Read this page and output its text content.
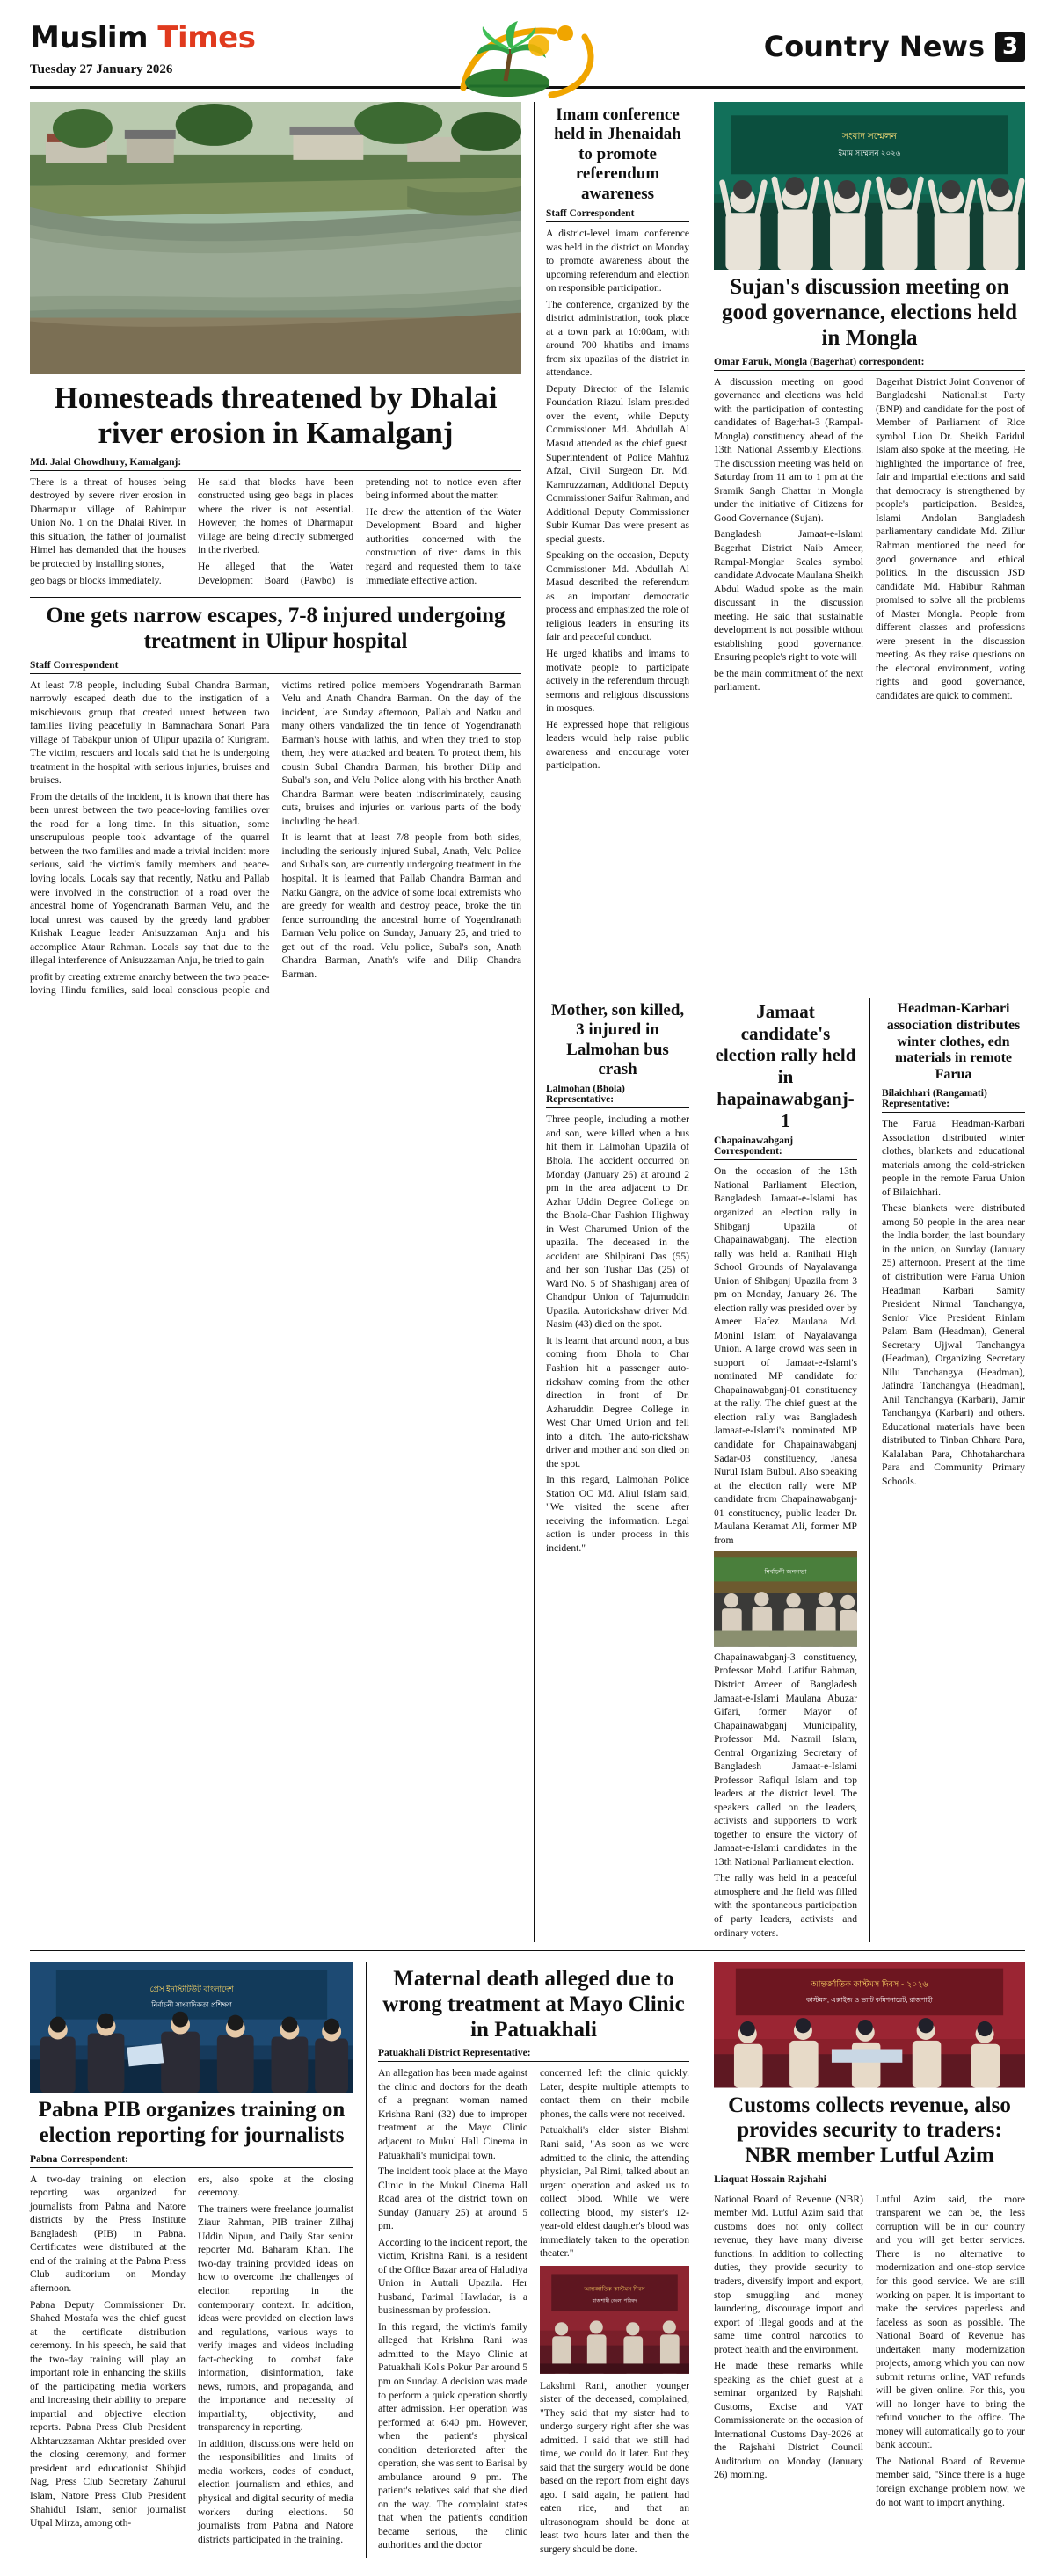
Muslim Times
Tuesday 27 January 2026
Country News 3
Homesteads threatened by Dhalai river erosion in Kamalganj
Md. Jalal Chowdhury, Kamalganj:

There is a threat of houses being destroyed by severe river erosion in Dharmapur village of Rahimpur Union No. 1 on the Dhalai River. In this situation, the father of journalist Himel has demanded that the houses be protected by installing stones,

geo bags or blocks immediately.

He said that blocks have been constructed using geo bags in places where the river is not essential. However, the homes of Dharmapur village are being directly submerged in the riverbed.

He alleged that the Water Development Board (Pawbo) is pretending not to notice even after being informed about the matter.

He drew the attention of the Water Development Board and higher authorities concerned with the construction of river dams in this regard and requested them to take immediate effective action.

One gets narrow escapes, 7-8 injured undergoing treatment in Ulipur hospital
Staff Correspondent

At least 7/8 people, including Subal Chandra Barman, narrowly escaped death due to the instigation of a mischievous group that created unrest between two families living peacefully in Bamnachara Sonari Para village of Tabakpur union of Ulipur upazila of Kurigram. The victim, rescuers and locals said that he is undergoing treatment in the hospital with serious injuries, bruises and bruises.

From the details of the incident, it is known that there has been unrest between the two peace-loving families over the road for a long time. In this situation, some unscrupulous people took advantage of the quarrel between the two families and made a trivial incident more serious, said the victim's family members and peace-loving locals. Locals say that recently, Natku and Pallab were involved in the construction of a road over the ancestral home of Yogendranath Barman Velu, and the local unrest was caused by the greedy land grabber Krishak League leader Anisuzzaman Anju and his accomplice Ataur Rahman. Locals say that due to the illegal interference of Anisuzzaman Anju, he tried to gain

profit by creating extreme anarchy between the two peace-loving Hindu families, said local conscious people and victims retired police members Yogendranath Barman Velu and Anath Chandra Barman. On the day of the incident, late Sunday afternoon, Pallab and Natku and many others vandalized the tin fence of Yogendranath Barman's house with lathis, and when they tried to stop them, they were attacked and beaten. To protect them, his cousin Subal Chandra Barman, his brother Dilip and Subal's son, and Velu Police along with his brother Anath Chandra Barman were beaten indiscriminately, causing cuts, bruises and injuries on various parts of the body including the head.

It is learnt that at least 7/8 people from both sides, including the seriously injured Subal, Anath, Velu Police and Subal's son, are currently undergoing treatment in the hospital. It is learned that Pallab Chandra Barman and Natku Gangra, on the advice of some local extremists who are greedy for wealth and destroy peace, broke the tin fence surrounding the ancestral home of Yogendranath Barman Velu police on Sunday, January 25, and tried to get out of the road. Velu police, Subal's son, Anath Chandra Barman, Anath's wife and Dilip Chandra Barman.

Imam conference held in Jhenaidah to promote referendum awareness
Staff Correspondent

A district-level imam conference was held in the district on Monday to promote awareness about the upcoming referendum and election on responsible participation.

The conference, organized by the district administration, took place at a town park at 10:00am, with around 700 khatibs and imams from six upazilas of the district in attendance.

Deputy Director of the Islamic Foundation Riazul Islam presided over the event, while Deputy Commissioner Md. Abdullah Al Masud attended as the chief guest. Superintendent of Police Mahfuz Afzal, Civil Surgeon Dr. Md. Kamruzzaman, Additional Deputy Commissioner Saifur Rahman, and Additional Deputy Commissioner Subir Kumar Das were present as special guests.

Speaking on the occasion, Deputy Commissioner Md. Abdullah Al Masud described the referendum as an important democratic process and emphasized the role of religious leaders in ensuring its fair and peaceful conduct.

He urged khatibs and imams to motivate people to participate actively in the referendum through sermons and religious discussions in mosques.

He expressed hope that religious leaders would help raise public awareness and encourage voter participation.

সংবাদ সম্মেলন
ইমাম সম্মেলন ২০২৬
Sujan's discussion meeting on good governance, elections held in Mongla
Omar Faruk, Mongla (Bagerhat) correspondent:

A discussion meeting on good governance and elections was held with the participation of contesting candidates of Bagerhat-3 (Rampal-Mongla) constituency ahead of the 13th National Assembly Elections. The discussion meeting was held on Saturday from 11 am to 1 pm at the Sramik Sangh Chattar in Mongla under the initiative of Citizens for Good Governance (Sujan).

Bangladesh Jamaat-e-Islami Bagerhat District Naib Ameer, Rampal-Monglar Scales symbol candidate Advocate Maulana Sheikh Abdul Wadud spoke as the main discussant in the discussion meeting. He said that sustainable development is not possible without establishing good governance. Ensuring people's right to vote will

be the main commitment of the next parliament.

Bagerhat District Joint Convenor of Bangladeshi Nationalist Party (BNP) and candidate for the post of Member of Parliament of Rice symbol Lion Dr. Sheikh Faridul Islam also spoke at the meeting. He highlighted the importance of free, fair and impartial elections and said that democracy is strengthened by people's participation. Besides, Islami Andolan Bangladesh parliamentary candidate Md. Zillur Rahman mentioned the need for good governance and ethical politics. In the discussion JSD candidate Md. Habibur Rahman promised to solve all the problems of Master Mongla. People from different classes and professions were present in the discussion meeting. As they raise questions on the electoral environment, voting rights and good governance, candidates are quick to comment.

Mother, son killed, 3 injured in Lalmohan bus crash
Lalmohan (Bhola) Representative:

Three people, including a mother and son, were killed when a bus hit them in Lalmohan Upazila of Bhola. The accident occurred on Monday (January 26) at around 2 pm in the area adjacent to Dr. Azhar Uddin Degree College on the Bhola-Char Fashion Highway in West Charumed Union of the upazila. The deceased in the accident are Shilpirani Das (55) and her son Tushar Das (25) of Ward No. 5 of Shashiganj area of Chandpur Union of Tajumuddin Upazila. Autorickshaw driver Md. Nasim (43) died on the spot.

It is learnt that around noon, a bus coming from Bhola to Char Fashion hit a passenger auto-rickshaw coming from the other direction in front of Dr. Azharuddin Degree College in West Char Umed Union and fell into a ditch. The auto-rickshaw driver and mother and son died on the spot.

In this regard, Lalmohan Police Station OC Md. Aliul Islam said, "We visited the scene after receiving the information. Legal action is under process in this incident."

Jamaat candidate's election rally held in hapainawabganj-1
Chapainawabganj Correspondent:

On the occasion of the 13th National Parliament Election, Bangladesh Jamaat-e-Islami has organized an election rally in Shibganj Upazila of Chapainawabganj. The election rally was held at Ranihati High School Grounds of Nayalavanga Union of Shibganj Upazila from 3 pm on Monday, January 26. The election rally was presided over by Ameer Hafez Maulana Md. Moninl Islam of Nayalavanga Union. A large crowd was seen in support of Jamaat-e-Islami's nominated MP candidate for Chapainawabganj-01 constituency at the rally. The chief guest at the election rally was Bangladesh Jamaat-e-Islami's nominated MP candidate for Chapainawabganj Sadar-03 constituency, Janesa Nurul Islam Bulbul. Also speaking at the election rally were MP candidate from Chapainawabganj-01 constituency, public leader Dr. Maulana Keramat Ali, former MP from

নির্বাচনী জনসভা

Chapainawabganj-3 constituency, Professor Mohd. Latifur Rahman, District Ameer of Bangladesh Jamaat-e-Islami Maulana Abuzar Gifari, former Mayor of Chapainawabganj Municipality, Professor Md. Nazmil Islam, Central Organizing Secretary of Bangladesh Jamaat-e-Islami Professor Rafiqul Islam and top leaders at the district level. The speakers called on the leaders, activists and supporters to work together to ensure the victory of Jamaat-e-Islami candidates in the 13th National Parliament election.

The rally was held in a peaceful atmosphere and the field was filled with the spontaneous participation of party leaders, activists and ordinary voters.

Headman-Karbari association distributes winter clothes, edn materials in remote Farua
Bilaichhari (Rangamati) Representative:

The Farua Headman-Karbari Association distributed winter clothes, blankets and educational materials among the cold-stricken people in the remote Farua Union of Bilaichhari.

These blankets were distributed among 50 people in the area near the India border, the last boundary in the union, on Sunday (January 25) afternoon. Present at the time of distribution were Farua Union Headman Karbari Samity President Nirmal Tanchangya, Senior Vice President Rinlam Palam Bam (Headman), General Secretary Ujjwal Tanchangya (Headman), Organizing Secretary Nilu Tanchangya (Headman), Jatindra Tanchangya (Headman), Anil Tanchangya (Karbari), Jamir Tanchangya (Karbari) and others. Educational materials have been distributed to Tinban Chhara Para, Kalalaban Para, Chhotaharchara Para and Community Primary Schools.

প্রেস ইনস্টিটিউট বাংলাদেশ
নির্বাচনী সাংবাদিকতা প্রশিক্ষণ
Pabna PIB organizes training on election reporting for journalists
Pabna Correspondent:

A two-day training on election reporting was organized for journalists from Pabna and Natore districts by the Press Institute Bangladesh (PIB) in Pabna. Certificates were distributed at the end of the training at the Pabna Press Club auditorium on Monday afternoon.

Pabna Deputy Commissioner Dr. Shahed Mostafa was the chief guest at the certificate distribution ceremony. In his speech, he said that the two-day training will play an important role in enhancing the skills of the participating media workers and increasing their ability to prepare impartial and objective election reports. Pabna Press Club President Akhtaruzzaman Akhtar presided over the closing ceremony, and former president and educationist Shibjid Nag, Press Club Secretary Zahurul Islam, Natore Press Club President Shahidul Islam, senior journalist Utpal Mirza, among oth-

ers, also spoke at the closing ceremony.

The trainers were freelance journalist Ziaur Rahman, PIB trainer Zilhaj Uddin Nipun, and Daily Star senior reporter Md. Baharam Khan. The two-day training provided ideas on how to overcome the challenges of election reporting in the contemporary context. In addition, ideas were provided on election laws and regulations, various ways to verify images and videos including fact-checking to combat fake information, disinformation, fake news, rumors, and propaganda, and the importance and necessity of impartiality, objectivity, and transparency in reporting.

In addition, discussions were held on the responsibilities and limits of media workers, codes of conduct, election journalism and ethics, and physical and digital security of media workers during elections. 50 journalists from Pabna and Natore districts participated in the training.

Maternal death alleged due to wrong treatment at Mayo Clinic in Patuakhali
Patuakhali District Representative:

An allegation has been made against the clinic and doctors for the death of a pregnant woman named Krishna Rani (32) due to improper treatment at the Mayo Clinic adjacent to Mukul Hall Cinema in Patuakhali's municipal town.

The incident took place at the Mayo Clinic in the Mukul Cinema Hall Road area of the district town on Sunday (January 25) at around 5 pm.

According to the incident report, the victim, Krishna Rani, is a resident of the Office Bazar area of Haludiya Union in Auttali Upazila. Her husband, Parimal Hawladar, is a businessman by profession.

In this regard, the victim's family alleged that Krishna Rani was admitted to the Mayo Clinic at Patuakhali Kol's Pokur Par around 5 pm on Sunday. A decision was made to perform a quick operation shortly after admission. Her operation was performed at 6:40 pm. However, when the patient's physical condition deteriorated after the operation, she was sent to Barisal by ambulance around 9 pm. The patient's relatives said that she died on the way. The complaint states that when the patient's condition became serious, the clinic authorities and the doctor

concerned left the clinic quickly. Later, despite multiple attempts to contact them on their mobile phones, the calls were not received.

Patuakhali's elder sister Bishmi Rani said, "As soon as we were admitted to the clinic, the attending physician, Pal Rimi, talked about an urgent operation and asked us to collect blood. While we were collecting blood, my sister's 12-year-old eldest daughter's blood was immediately taken to the operation theater."

আন্তর্জাতিক কাস্টমস দিবস
রাজশাহী জেলা পরিষদ

Lakshmi Rani, another younger sister of the deceased, complained, "They said that my sister had to undergo surgery right after she was admitted. I said that we still had time, we could do it later. But they said that the surgery would be done based on the report from eight days ago. I said again, he patient had eaten rice, and that an ultrasonogram should be done at least two hours later and then the surgery should be done.

আন্তর্জাতিক কাস্টমস দিবস - ২০২৬
কাস্টমস, এক্সাইজ ও ভ্যাট কমিশনারেট, রাজশাহী
Customs collects revenue, also provides security to traders: NBR member Lutful Azim
Liaquat Hossain Rajshahi

National Board of Revenue (NBR) member Md. Lutful Azim said that customs does not only collect revenue, they have many diverse functions. In addition to collecting duties, they provide security to traders, diversify import and export, stop smuggling and money laundering, discourage import and export of illegal goods and at the same time control narcotics to protect health and the environment.

He made these remarks while speaking as the chief guest at a seminar organized by Rajshahi Customs, Excise and VAT Commissionerate on the occasion of International Customs Day-2026 at the Rajshahi District Council Auditorium on Monday (January 26) morning.

Lutful Azim said, the more transparent we can be, the less corruption will be in our country and you will get better services. There is no alternative to modernization and one-stop service for this good service. We are still working on paper. It is important to make the services paperless and faceless as soon as possible. The National Board of Revenue has undertaken many modernization projects, among which you can now submit returns online, VAT refunds will be given online. For this, you will no longer have to bring the refund voucher to the office. The money will automatically go to your bank account.

The National Board of Revenue member said, "Since there is a huge foreign exchange problem now, we do not want to import anything.
